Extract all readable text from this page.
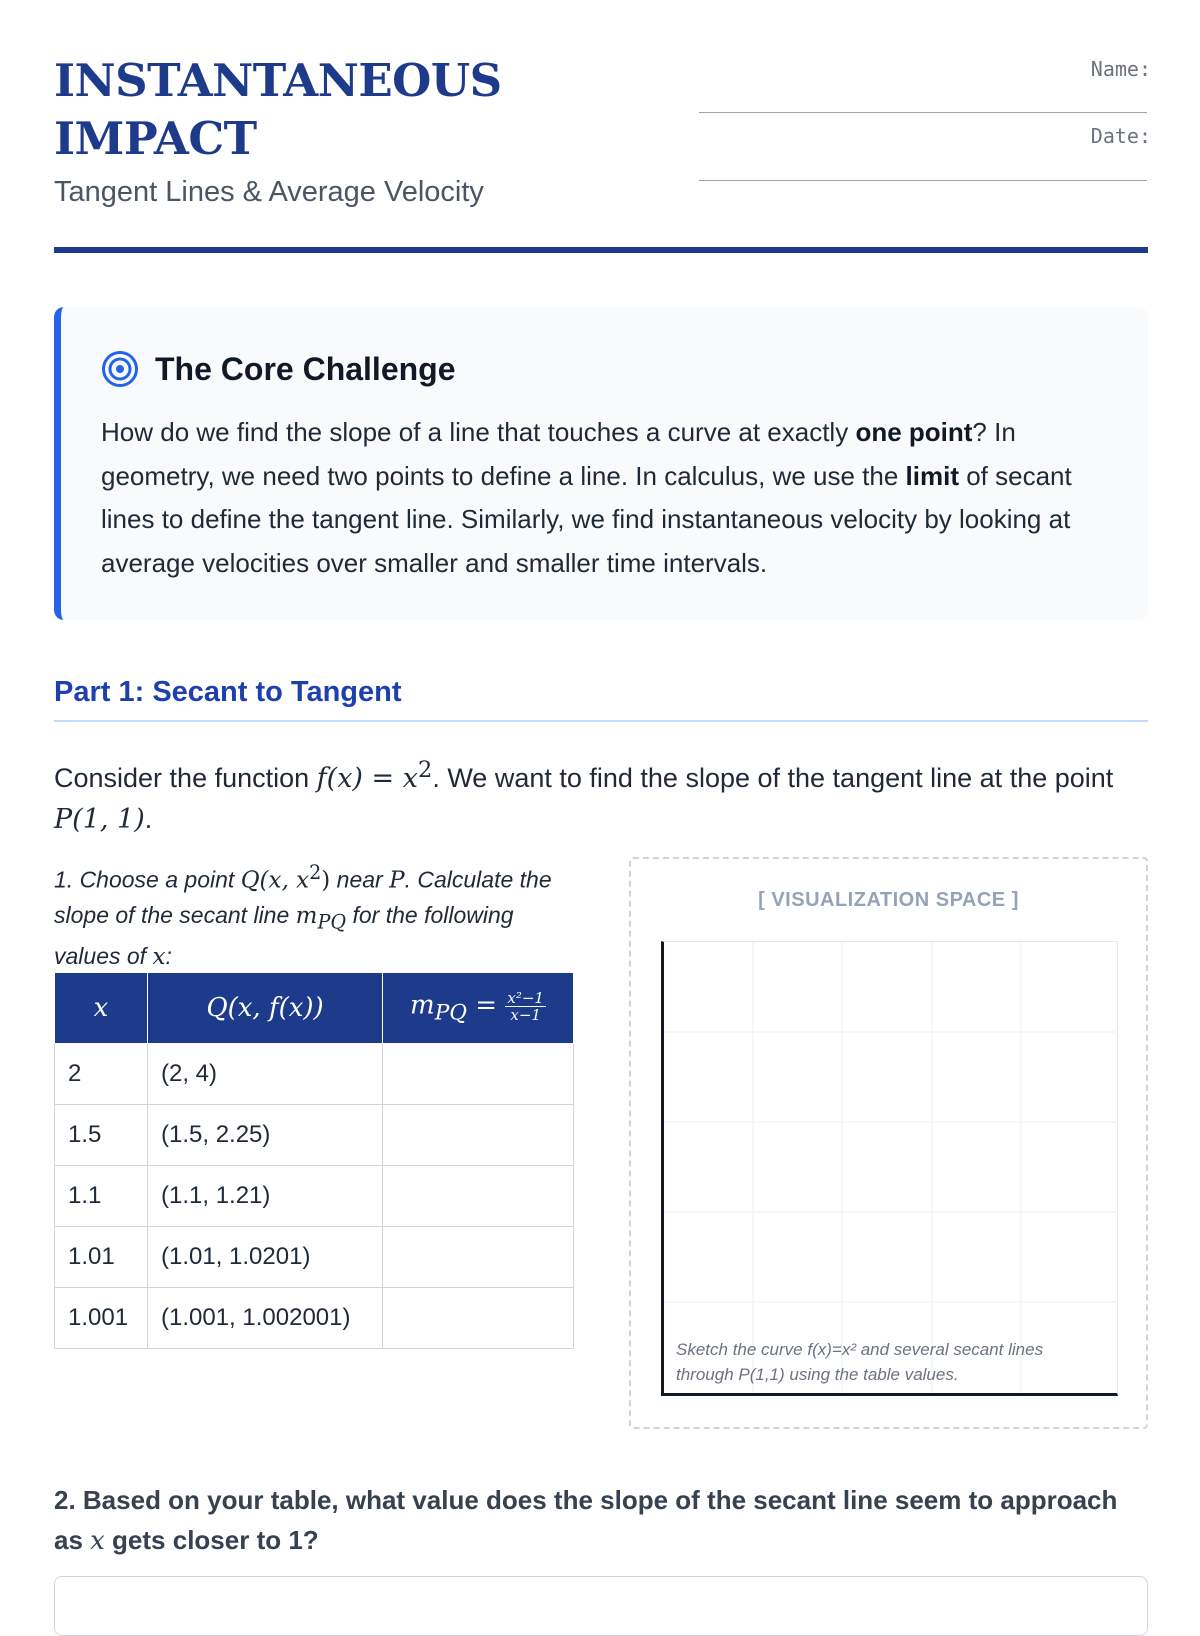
INSTANTANEOUS
IMPACT
Tangent Lines & Average Velocity
Name:
Date:
The Core Challenge

How do we find the slope of a line that touches a curve at exactly one point? In geometry, we need two points to define a line. In calculus, we use the limit of secant lines to define the tangent line. Similarly, we find instantaneous velocity by looking at average velocities over smaller and smaller time intervals.

Part 1: Secant to Tangent

Consider the function $f(x) = x^2$. We want to find the slope of the tangent line at the point P(1, 1).

1. Choose a point Q(x, $x^2$) near P. Calculate the slope of the secant line $m_{PQ}$ for the following values of x:

x	Q(x, f(x))	$m_{PQ} = \frac{\text{x²−1}}{x-1}$

2	(2, 4)	
1.5	(1.5, 2.25)	
1.1	(1.1, 1.21)	
1.01	(1.01, 1.0201)	
1.001	(1.001, 1.002001)	
[ VISUALIZATION SPACE ]

Sketch the curve f(x)=x² and several secant lines through P(1,1) using the table values.

2. Based on your table, what value does the slope of the secant line seem to approach as x gets closer to 1?
